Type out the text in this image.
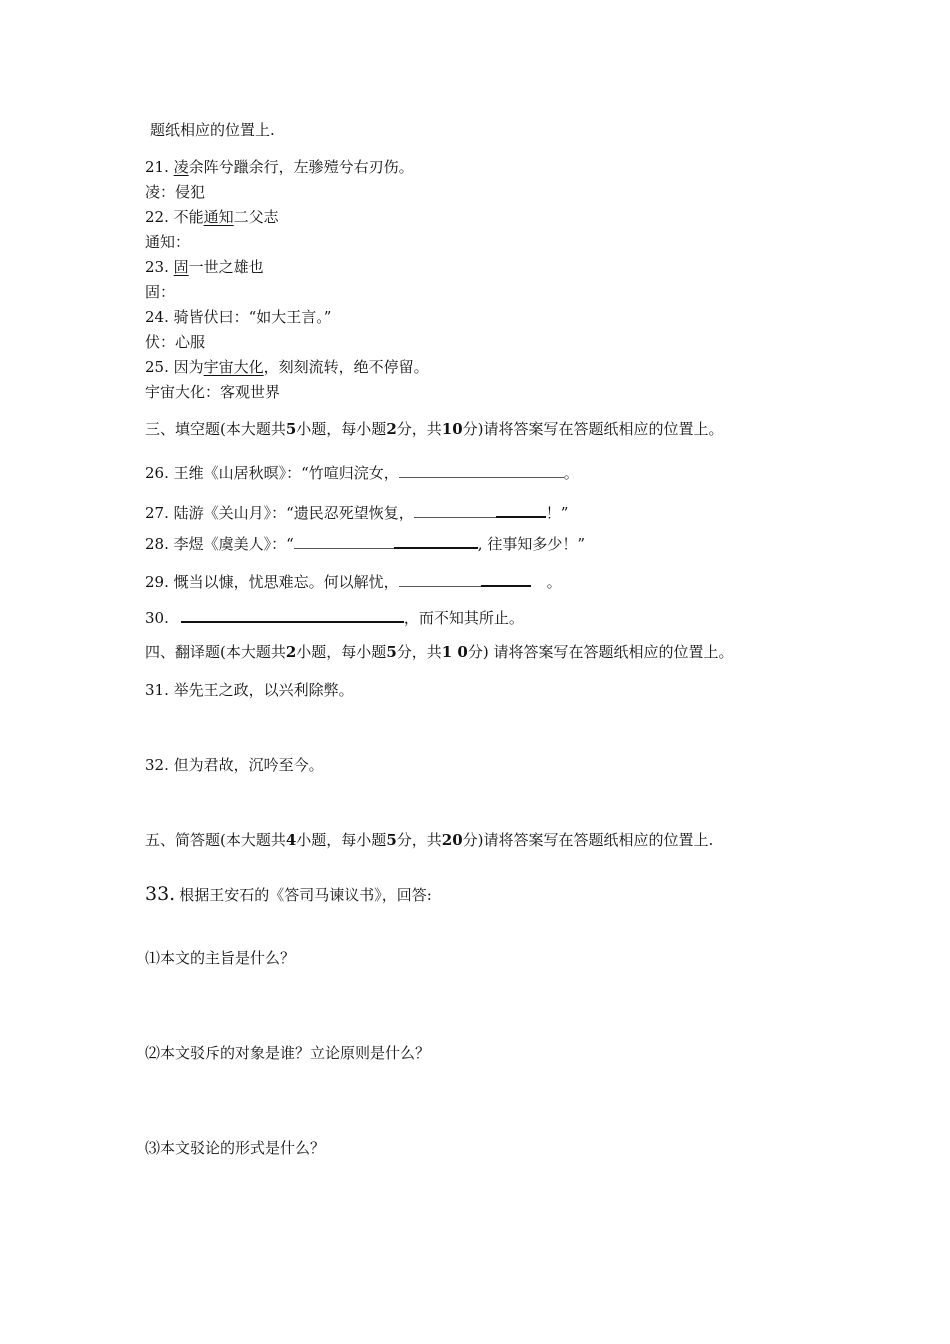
题纸相应的位置上.
21. 凌余阵兮躐余行，左骖殪兮右刃伤。
凌：侵犯
22. 不能通知二父志
通知：
23. 固一世之雄也
固：
24. 骑皆伏曰：“如大王言。”
伏：心服
25. 因为宇宙大化，刻刻流转，绝不停留。
宇宙大化：客观世界
三、填空题(本大题共5小题，每小题2分，共10分)请将答案写在答题纸相应的位置上。
26. 王维《山居秋暝》：“竹喧归浣女，	。
27. 陆游《关山月》：“遗民忍死望恢复，	！”
28. 李煜《虞美人》：“	, 往事知多少！”
29. 慨当以慷，忧思难忘。何以解忧，	。
30.	，而不知其所止。
四、翻译题(本大题共2小题，每小题5分，共1 0分) 请将答案写在答题纸相应的位置上。
31. 举先王之政，以兴利除弊。
32. 但为君故，沉吟至今。
五、简答题(本大题共4小题，每小题5分，共20分)请将答案写在答题纸相应的位置上.
33. 根据王安石的《答司马谏议书》，回答:
⑴本文的主旨是什么？
⑵本文驳斥的对象是谁？立论原则是什么？
⑶本文驳论的形式是什么？
